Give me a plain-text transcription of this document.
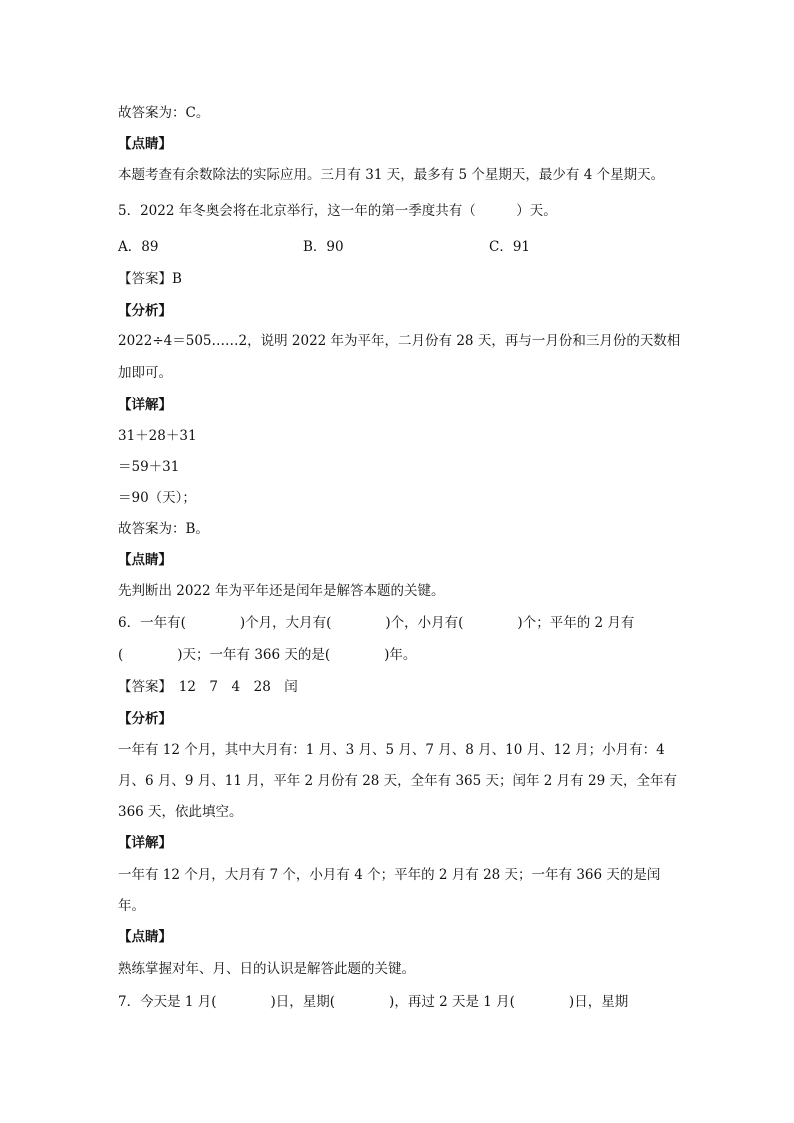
故答案为：C。
【点睛】
本题考查有余数除法的实际应用。三月有 31 天，最多有 5 个星期天，最少有 4 个星期天。
5．2022 年冬奥会将在北京举行，这一年的第一季度共有（　　　）天。
A．89	B．90	C．91
【答案】B
【分析】
2022÷4＝505……2，说明 2022 年为平年，二月份有 28 天，再与一月份和三月份的天数相
加即可。
【详解】
31＋28＋31
＝59＋31
＝90（天）；
故答案为：B。
【点睛】
先判断出 2022 年为平年还是闰年是解答本题的关键。
6．一年有(　　　　)个月，大月有(　　　　)个，小月有(　　　　)个；平年的 2 月有
(　　　　)天；一年有 366 天的是(　　　　)年。
【答案】　12　7　4　28　闰
【分析】
一年有 12 个月，其中大月有：1 月、3 月、5 月、7 月、8 月、10 月、12 月；小月有：4
月、6 月、9 月、11 月，平年 2 月份有 28 天，全年有 365 天；闰年 2 月有 29 天，全年有
366 天，依此填空。
【详解】
一年有 12 个月，大月有 7 个，小月有 4 个；平年的 2 月有 28 天；一年有 366 天的是闰
年。
【点睛】
熟练掌握对年、月、日的认识是解答此题的关键。
7．今天是 1 月(　　　　)日，星期(　　　　)，再过 2 天是 1 月(　　　　)日，星期
